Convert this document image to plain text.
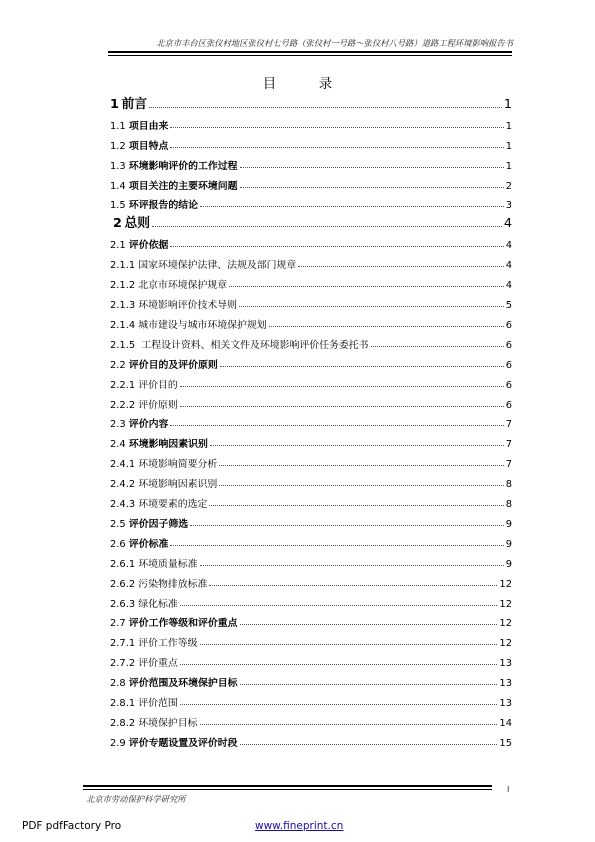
北京市丰台区张仪村地区张仪村七号路（张仪村一号路～张仪村八号路）道路工程环境影响报告书
目	录
1  前言	1
1.1 项目由来	1
1.2 项目特点	1
1.3 环境影响评价的工作过程	1
1.4 项目关注的主要环境问题	2
1.5 环评报告的结论	3
2  总则	4
2.1 评价依据	4
2.1.1 国家环境保护法律、法规及部门规章	4
2.1.2 北京市环境保护规章	4
2.1.3 环境影响评价技术导则	5
2.1.4 城市建设与城市环境保护规划	6
2.1.5  工程设计资料、相关文件及环境影响评价任务委托书	6
2.2 评价目的及评价原则	6
2.2.1 评价目的	6
2.2.2 评价原则	6
2.3 评价内容	7
2.4 环境影响因素识别	7
2.4.1 环境影响简要分析	7
2.4.2 环境影响因素识别	8
2.4.3 环境要素的选定	8
2.5 评价因子筛选	9
2.6 评价标准	9
2.6.1 环境质量标准	9
2.6.2 污染物排放标准	12
2.6.3 绿化标准	12
2.7 评价工作等级和评价重点	12
2.7.1 评价工作等级	12
2.7.2 评价重点	13
2.8 评价范围及环境保护目标	13
2.8.1 评价范围	13
2.8.2 环境保护目标	14
2.9 评价专题设置及评价时段	15
北京市劳动保护科学研究所
I
PDF pdfFactory Pro	www.fineprint.cn
